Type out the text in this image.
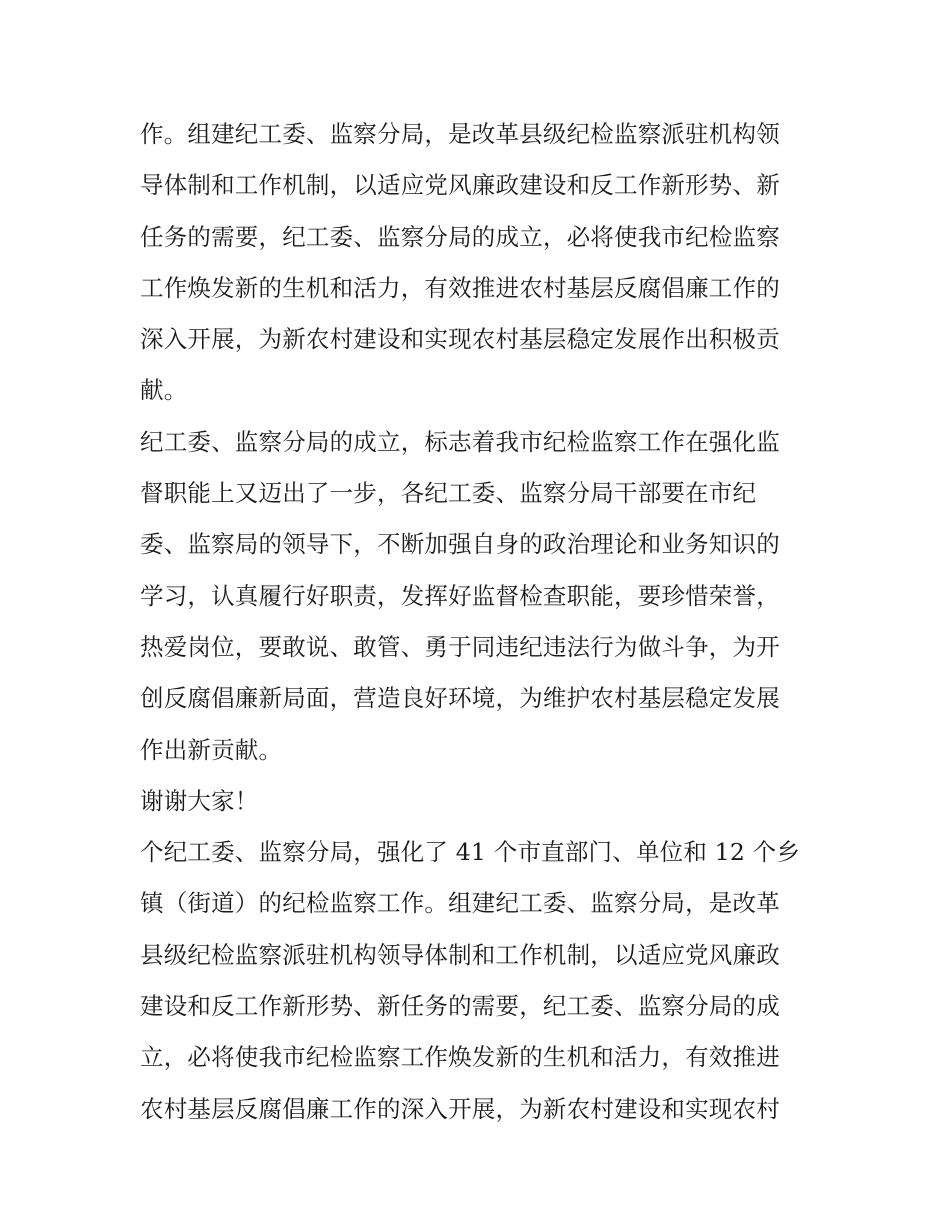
作。组建纪工委、监察分局，是改革县级纪检监察派驻机构领
导体制和工作机制，以适应党风廉政建设和反工作新形势、新
任务的需要，纪工委、监察分局的成立，必将使我市纪检监察
工作焕发新的生机和活力，有效推进农村基层反腐倡廉工作的
深入开展，为新农村建设和实现农村基层稳定发展作出积极贡
献。
纪工委、监察分局的成立，标志着我市纪检监察工作在强化监
督职能上又迈出了一步，各纪工委、监察分局干部要在市纪
委、监察局的领导下，不断加强自身的政治理论和业务知识的
学习，认真履行好职责，发挥好监督检查职能，要珍惜荣誉，
热爱岗位，要敢说、敢管、勇于同违纪违法行为做斗争，为开
创反腐倡廉新局面，营造良好环境，为维护农村基层稳定发展
作出新贡献。
谢谢大家！
个纪工委、监察分局，强化了 41 个市直部门、单位和 12 个乡
镇（街道）的纪检监察工作。组建纪工委、监察分局，是改革
县级纪检监察派驻机构领导体制和工作机制，以适应党风廉政
建设和反工作新形势、新任务的需要，纪工委、监察分局的成
立，必将使我市纪检监察工作焕发新的生机和活力，有效推进
农村基层反腐倡廉工作的深入开展，为新农村建设和实现农村
